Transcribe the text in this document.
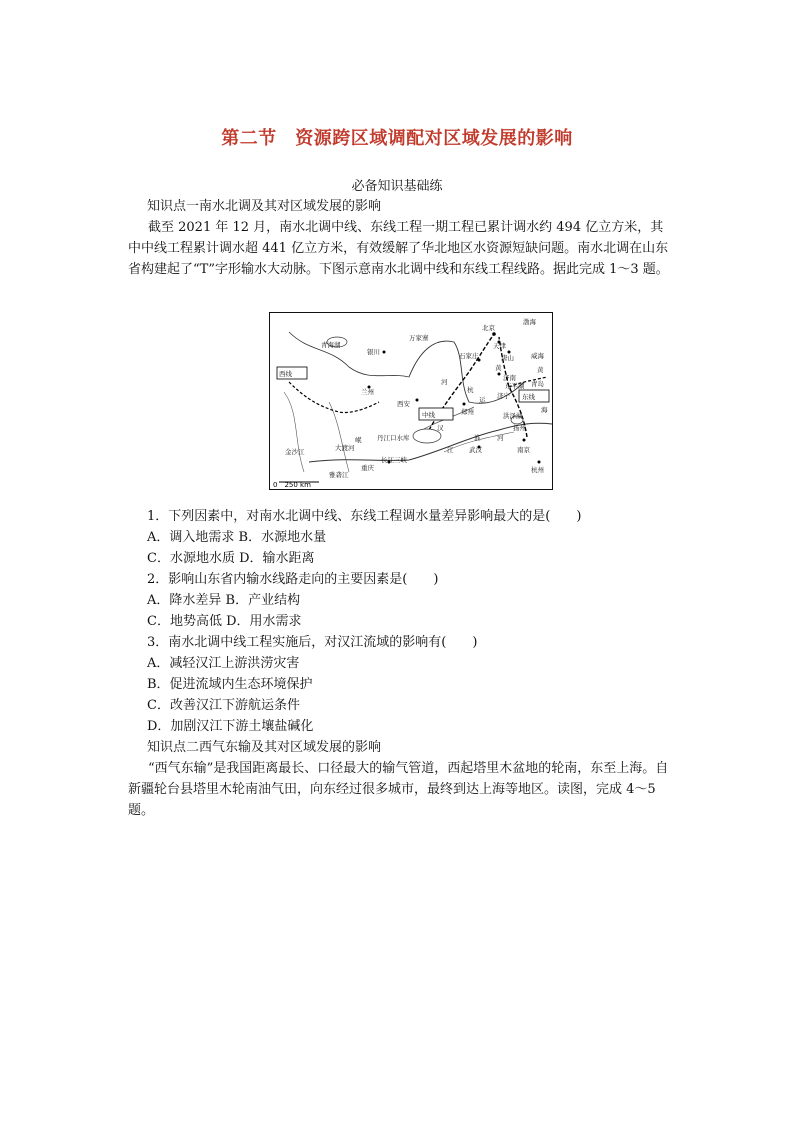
第二节　资源跨区域调配对区域发展的影响
必备知识基础练
知识点一南水北调及其对区域发展的影响
截至 2021 年 12 月，南水北调中线、东线工程一期工程已累计调水约 494 亿立方米，其中中线工程累计调水超 441 亿立方米，有效缓解了华北地区水资源短缺问题。南水北调在山东省构建起了“T”字形输水大动脉。下图示意南水北调中线和东线工程线路。据此完成 1～3 题。
0　250 km
青海湖
银川
万家寨
北京
天津
石家庄	唐山
渤海
威海
黄
济南
东平湖 青岛
济宁
黄
兰州
河
西安
中线	郑州
运
海
东线
洪泽湖
扬州
淮	河
丹江口水库
汉
武汉
长江三峡
重庆
金沙江	大渡河
岷
雅砻江
江	南京
杭州
杭
西线
1．下列因素中，对南水北调中线、东线工程调水量差异影响最大的是(　　)
A．调入地需求 B．水源地水量
C．水源地水质 D．输水距离
2．影响山东省内输水线路走向的主要因素是(　　)
A．降水差异 B．产业结构
C．地势高低 D．用水需求
3．南水北调中线工程实施后，对汉江流域的影响有(　　)
A．减轻汉江上游洪涝灾害
B．促进流域内生态环境保护
C．改善汉江下游航运条件
D．加剧汉江下游土壤盐碱化
知识点二西气东输及其对区域发展的影响
“西气东输”是我国距离最长、口径最大的输气管道，西起塔里木盆地的轮南，东至上海。自新疆轮台县塔里木轮南油气田，向东经过很多城市，最终到达上海等地区。读图，完成 4～5 题。
